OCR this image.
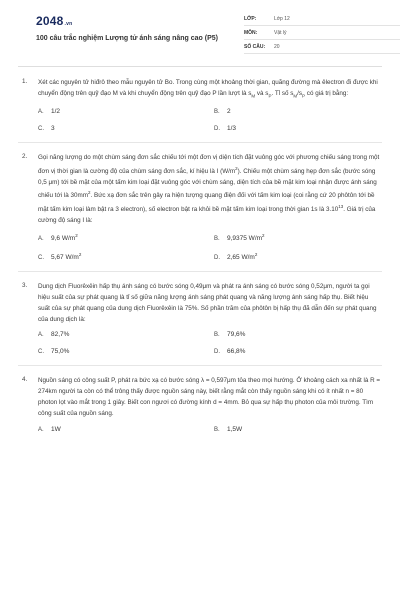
2048.vn
100 câu trắc nghiệm Lượng tử ánh sáng nâng cao (P5)
LỚP:	Lớp 12
MÔN:	Vật lý
SỐ CÂU:	20
1. Xét các nguyên tử hiđrô theo mẫu nguyên tử Bo. Trong cùng một khoảng thời gian, quãng đường mà êlectron đi được khi chuyển động trên quỹ đạo M và khi chuyển động trên quỹ đạo P lần lượt là $s_M$ và $s_P$. Tỉ số $s_M/s_P$ có giá trị bằng:
A.	1/2	B.	2
C.	3	D.	1/3
2. Gọi năng lượng do một chùm sáng đơn sắc chiếu tới một đơn vị diện tích đặt vuông góc với phương chiếu sáng trong một đơn vị thời gian là cường độ của chùm sáng đơn sắc, kí hiệu là I $(W/m^2)$. Chiếu một chùm sáng hẹp đơn sắc (bước sóng 0,5 μm) tới bề mặt của một tấm kim loại đặt vuông góc với chùm sáng, diện tích của bề mặt kim loại nhận được ánh sáng chiếu tới là $30mm^2$. Bức xạ đơn sắc trên gây ra hiện tượng quang điện đối với tấm kim loại (coi rằng cứ 20 phôtôn tới bề mặt tấm kim loại làm bật ra 3 electron), số electron bật ra khỏi bề mặt tấm kim loại trong thời gian 1s là 3.10$^{13}$. Giá trị của cường độ sáng I là:
A.	9,6 $W/m^2$
B.	9,9375 $W/m^2$
C.	5,67 $W/m^2$
D.	2,65 $W/m^2$
3. Dung dịch Fluorêxêin hấp thụ ánh sáng có bước sóng 0,49μm và phát ra ánh sáng có bước sóng 0,52μm, người ta gọi hiệu suất của sự phát quang là tỉ số giữa năng lượng ánh sáng phát quang và năng lượng ánh sáng hấp thụ. Biết hiệu suất của sự phát quang của dung dịch Fluorêxêin là 75%. Số phần trăm của phôtôn bị hấp thụ đã dẫn đến sự phát quang của dung dịch là:
A.	82,7%	B.	79,6%
C.	75,0%	D.	66,8%
4. Nguồn sáng có công suất P, phát ra bức xạ có bước sóng λ = 0,597μm tỏa theo mọi hướng. Ở khoảng cách xa nhất là R = 274km người ta còn có thể trông thấy được nguồn sáng này, biết rằng mắt còn thấy nguồn sáng khi có ít nhất n = 80 photon lọt vào mắt trong 1 giây. Biết con ngươi có đường kính d = 4mm. Bỏ qua sự hấp thụ photon của môi trường. Tìm công suất của nguồn sáng.
A.	1W	B.	1,5W
